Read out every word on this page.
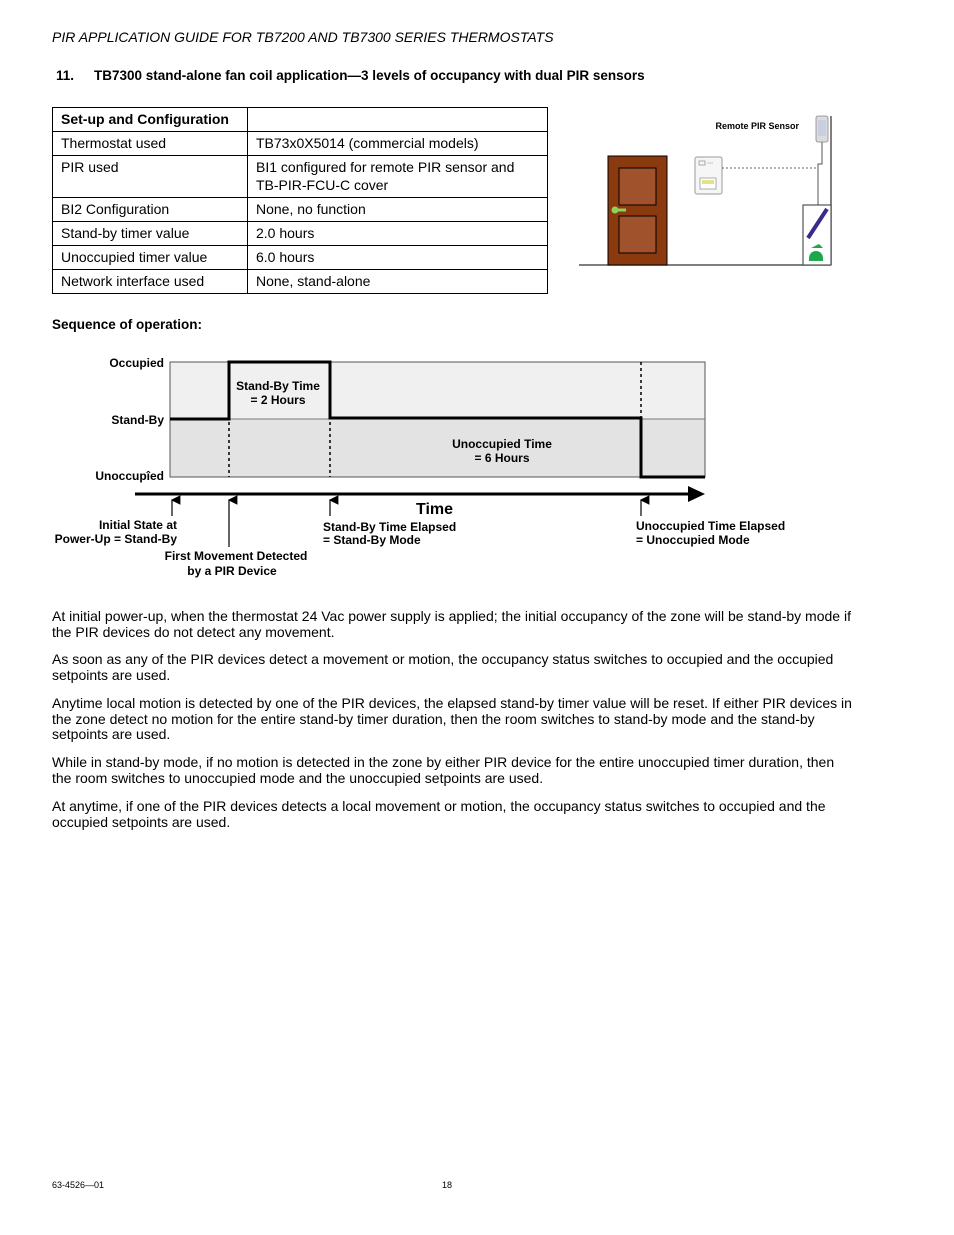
PIR APPLICATION GUIDE FOR TB7200 AND TB7300 SERIES THERMOSTATS
11. TB7300 stand-alone fan coil application—3 levels of occupancy with dual PIR sensors
Set-up and Configuration	
Thermostat used	TB73x0X5014 (commercial models)
PIR used	BI1 configured for remote PIR sensor and TB-PIR-FCU-C cover
BI2 Configuration	None, no function
Stand-by timer value	2.0 hours
Unoccupied timer value	6.0 hours
Network interface used	None, stand-alone
Remote PIR Sensor
Sequence of operation:
Occupied
Stand-By
Unoccupîed
Stand-By Time
= 2 Hours
Unoccupied Time
= 6 Hours
Time
Initial State at
Power-Up = Stand-By
First Movement Detected
by a PIR Device
Stand-By Time Elapsed
= Stand-By Mode
Unoccupied Time Elapsed
= Unoccupied Mode

At initial power-up, when the thermostat 24 Vac power supply is applied; the initial occupancy of the zone will be stand-by mode if the PIR devices do not detect any movement.

As soon as any of the PIR devices detect a movement or motion, the occupancy status switches to occupied and the occupied setpoints are used.

Anytime local motion is detected by one of the PIR devices, the elapsed stand-by timer value will be reset. If either PIR devices in the zone detect no motion for the entire stand-by timer duration, then the room switches to stand-by mode and the stand-by setpoints are used.

While in stand-by mode, if no motion is detected in the zone by either PIR device for the entire unoccupied timer duration, then the room switches to unoccupied mode and the unoccupied setpoints are used.

At anytime, if one of the PIR devices detects a local movement or motion, the occupancy status switches to occupied and the occupied setpoints are used.

63-4526—01	18
